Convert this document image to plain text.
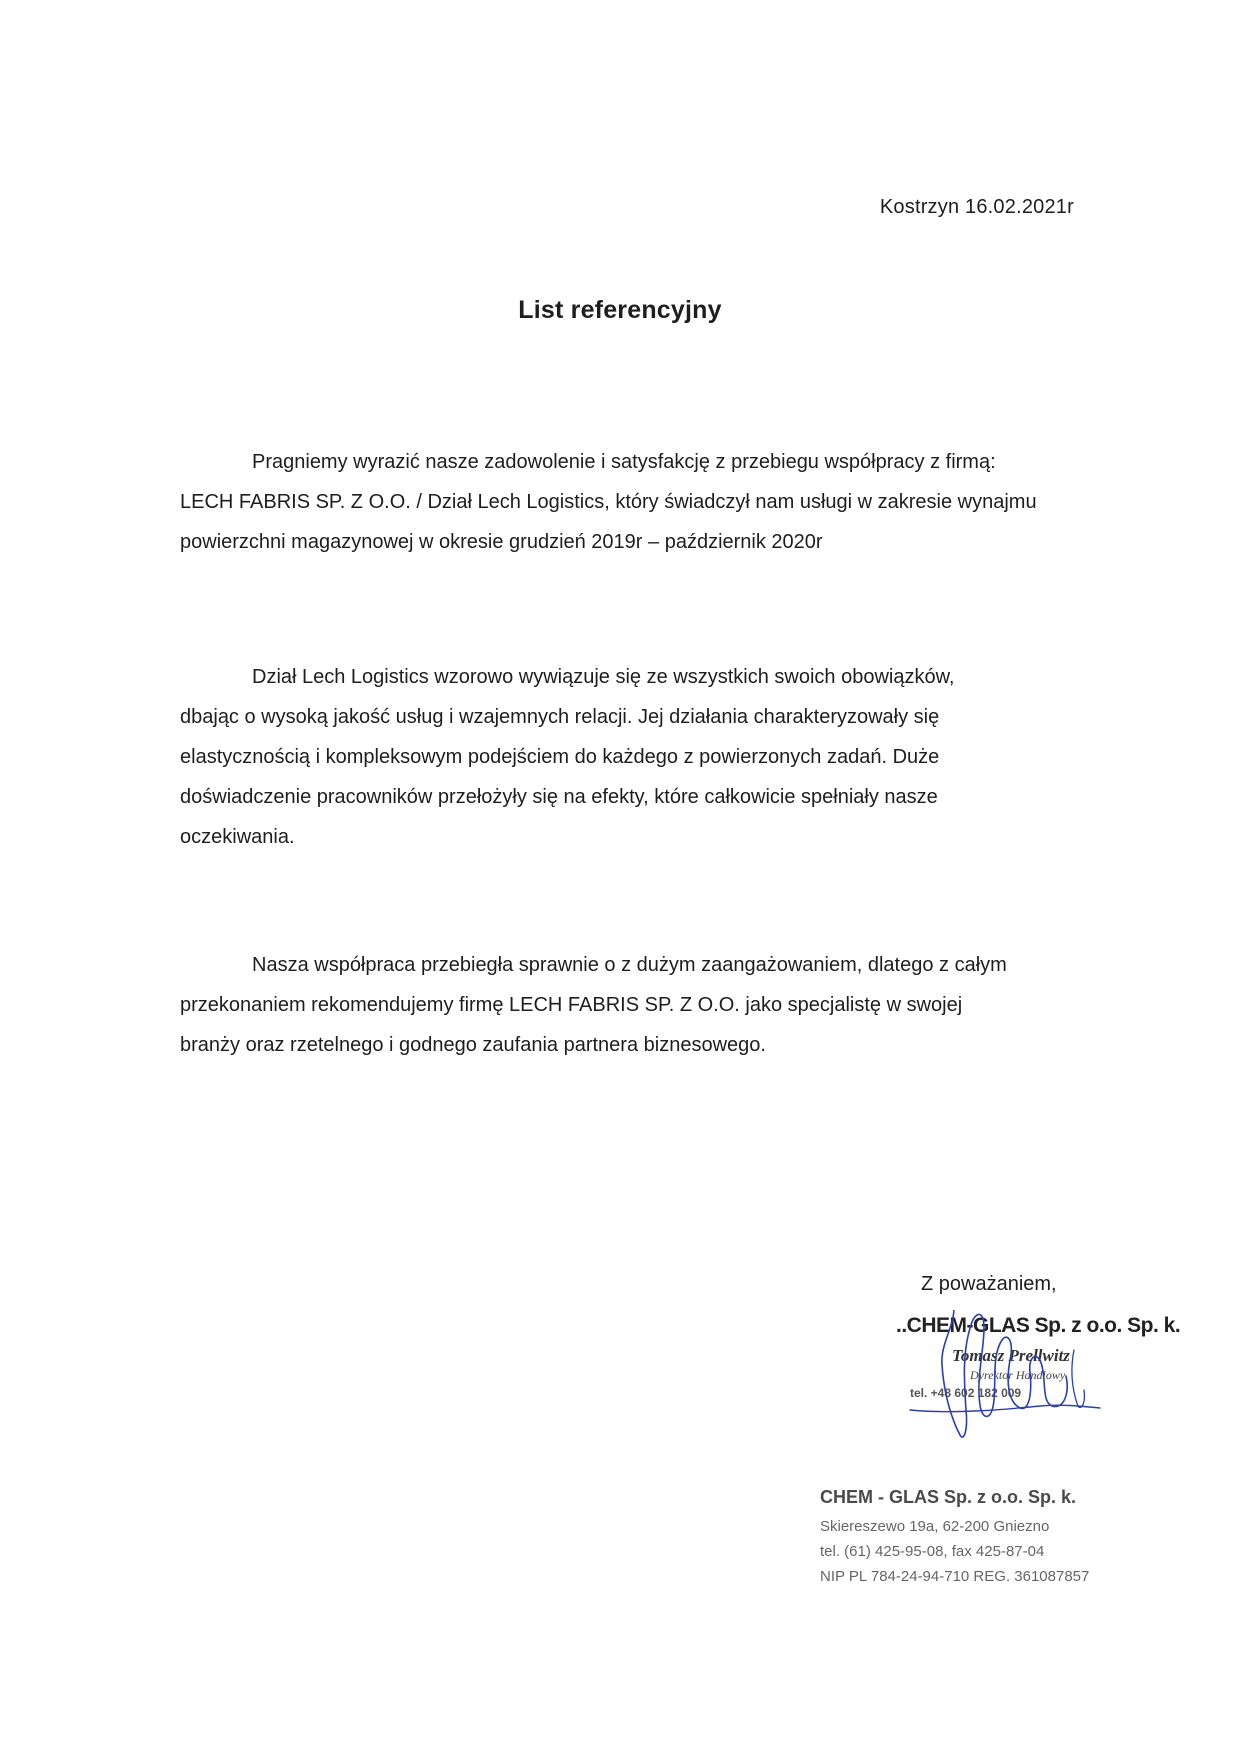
Kostrzyn 16.02.2021r
List referencyjny
Pragniemy wyrazić nasze zadowolenie i satysfakcję z przebiegu współpracy z firmą:
LECH FABRIS SP. Z O.O. / Dział Lech Logistics, który świadczył nam usługi w zakresie wynajmu
powierzchni magazynowej w okresie grudzień 2019r – październik 2020r
Dział Lech Logistics wzorowo wywiązuje się ze wszystkich swoich obowiązków,
dbając o wysoką jakość usług i wzajemnych relacji. Jej działania charakteryzowały się
elastycznością i kompleksowym podejściem do każdego z powierzonych zadań. Duże
doświadczenie pracowników przełożyły się na efekty, które całkowicie spełniały nasze
oczekiwania.
Nasza współpraca przebiegła sprawnie o z dużym zaangażowaniem, dlatego z całym
przekonaniem rekomendujemy firmę LECH FABRIS SP. Z O.O. jako specjalistę w swojej
branży oraz rzetelnego i godnego zaufania partnera biznesowego.
Z poważaniem,
..CHEM-GLAS Sp. z o.o. Sp. k.
Tomasz Prellwitz
Dyrektor Handlowy
tel. +48 602 182 009
CHEM - GLAS Sp. z o.o. Sp. k.
Skiereszewo 19a, 62-200 Gniezno
tel. (61) 425-95-08, fax 425-87-04
NIP PL 784-24-94-710 REG. 361087857
